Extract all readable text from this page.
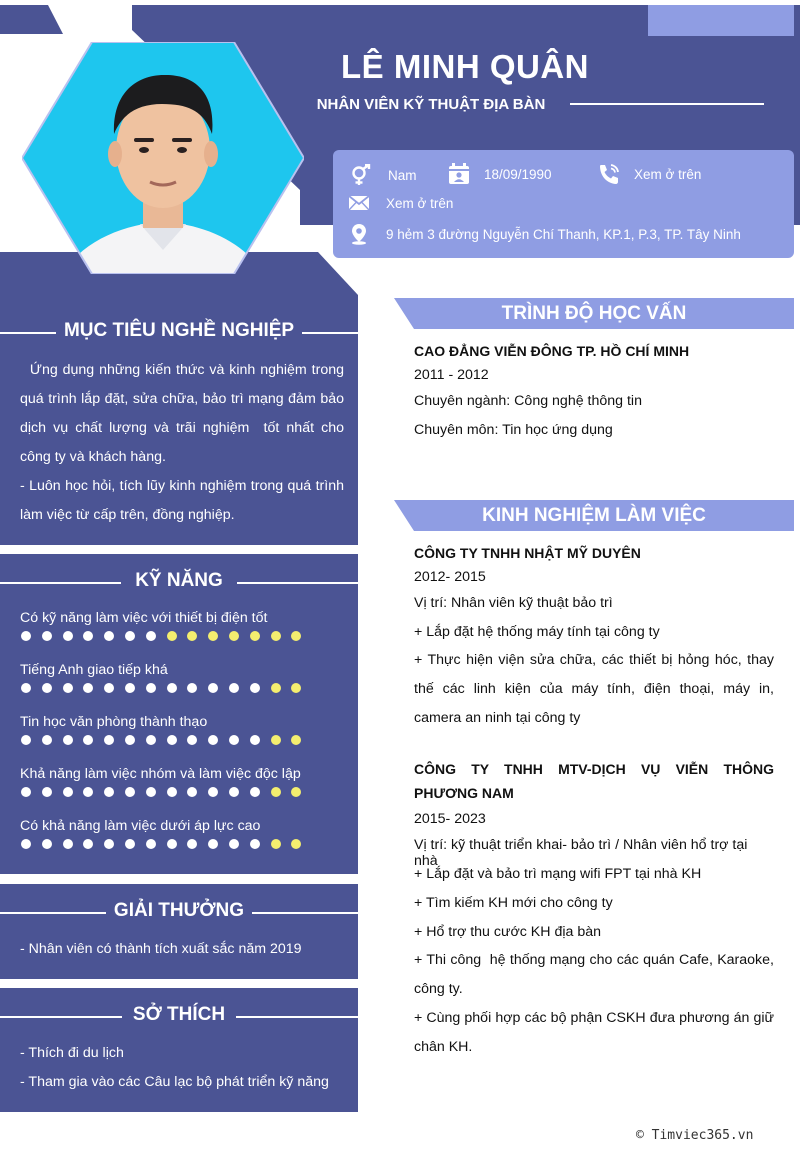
LÊ MINH QUÂN
NHÂN VIÊN KỸ THUẬT ĐỊA BÀN
Nam	18/09/1990	Xem ở trên
Xem ở trên
9 hẻm 3 đường Nguyễn Chí Thanh, KP.1, P.3, TP. Tây Ninh
MỤC TIÊU NGHỀ NGHIỆP
Ứng dụng những kiến thức và kinh nghiệm trong quá trình lắp đặt, sửa chữa, bảo trì mạng đảm bảo dịch vụ chất lượng và trãi nghiệm  tốt nhất cho công ty và khách hàng.
- Luôn học hỏi, tích lũy kinh nghiệm trong quá trình làm việc từ cấp trên, đồng nghiệp.
KỸ NĂNG
Có kỹ năng làm việc với thiết bị điện tốt
Tiếng Anh giao tiếp khá
Tin học văn phòng thành thạo
Khả năng làm việc nhóm và làm việc độc lập
Có khả năng làm việc dưới áp lực cao
GIẢI THƯỞNG
- Nhân viên có thành tích xuất sắc năm 2019
SỞ THÍCH
- Thích đi du lịch
- Tham gia vào các Câu lạc bộ phát triển kỹ năng
TRÌNH ĐỘ HỌC VẤN
CAO ĐẲNG VIỄN ĐÔNG TP. HỒ CHÍ MINH
2011 - 2012
Chuyên ngành: Công nghệ thông tin
Chuyên môn: Tin học ứng dụng
KINH NGHIỆM LÀM VIỆC
CÔNG TY TNHH NHẬT MỸ DUYÊN
2012- 2015
Vị trí: Nhân viên kỹ thuật bảo trì
+ Lắp đặt hệ thống máy tính tại công ty
+ Thực hiện viện sửa chữa, các thiết bị hỏng hóc, thay thế các linh kiện của máy tính, điện thoại, máy in, camera an ninh tại công ty
CÔNG TY TNHH MTV-DỊCH VỤ VIỄN THÔNG PHƯƠNG NAM
2015- 2023
Vị trí: kỹ thuật triển khai- bảo trì / Nhân viên hổ trợ tại nhà
+ Lắp đặt và bảo trì mạng wifi FPT tại nhà KH
+ Tìm kiếm KH mới cho công ty
+ Hổ trợ thu cước KH địa bàn
+ Thi công  hệ thống mạng cho các quán Cafe, Karaoke, công ty.
+ Cùng phối hợp các bộ phận CSKH đưa phương án giữ chân KH.
© Timviec365.vn
